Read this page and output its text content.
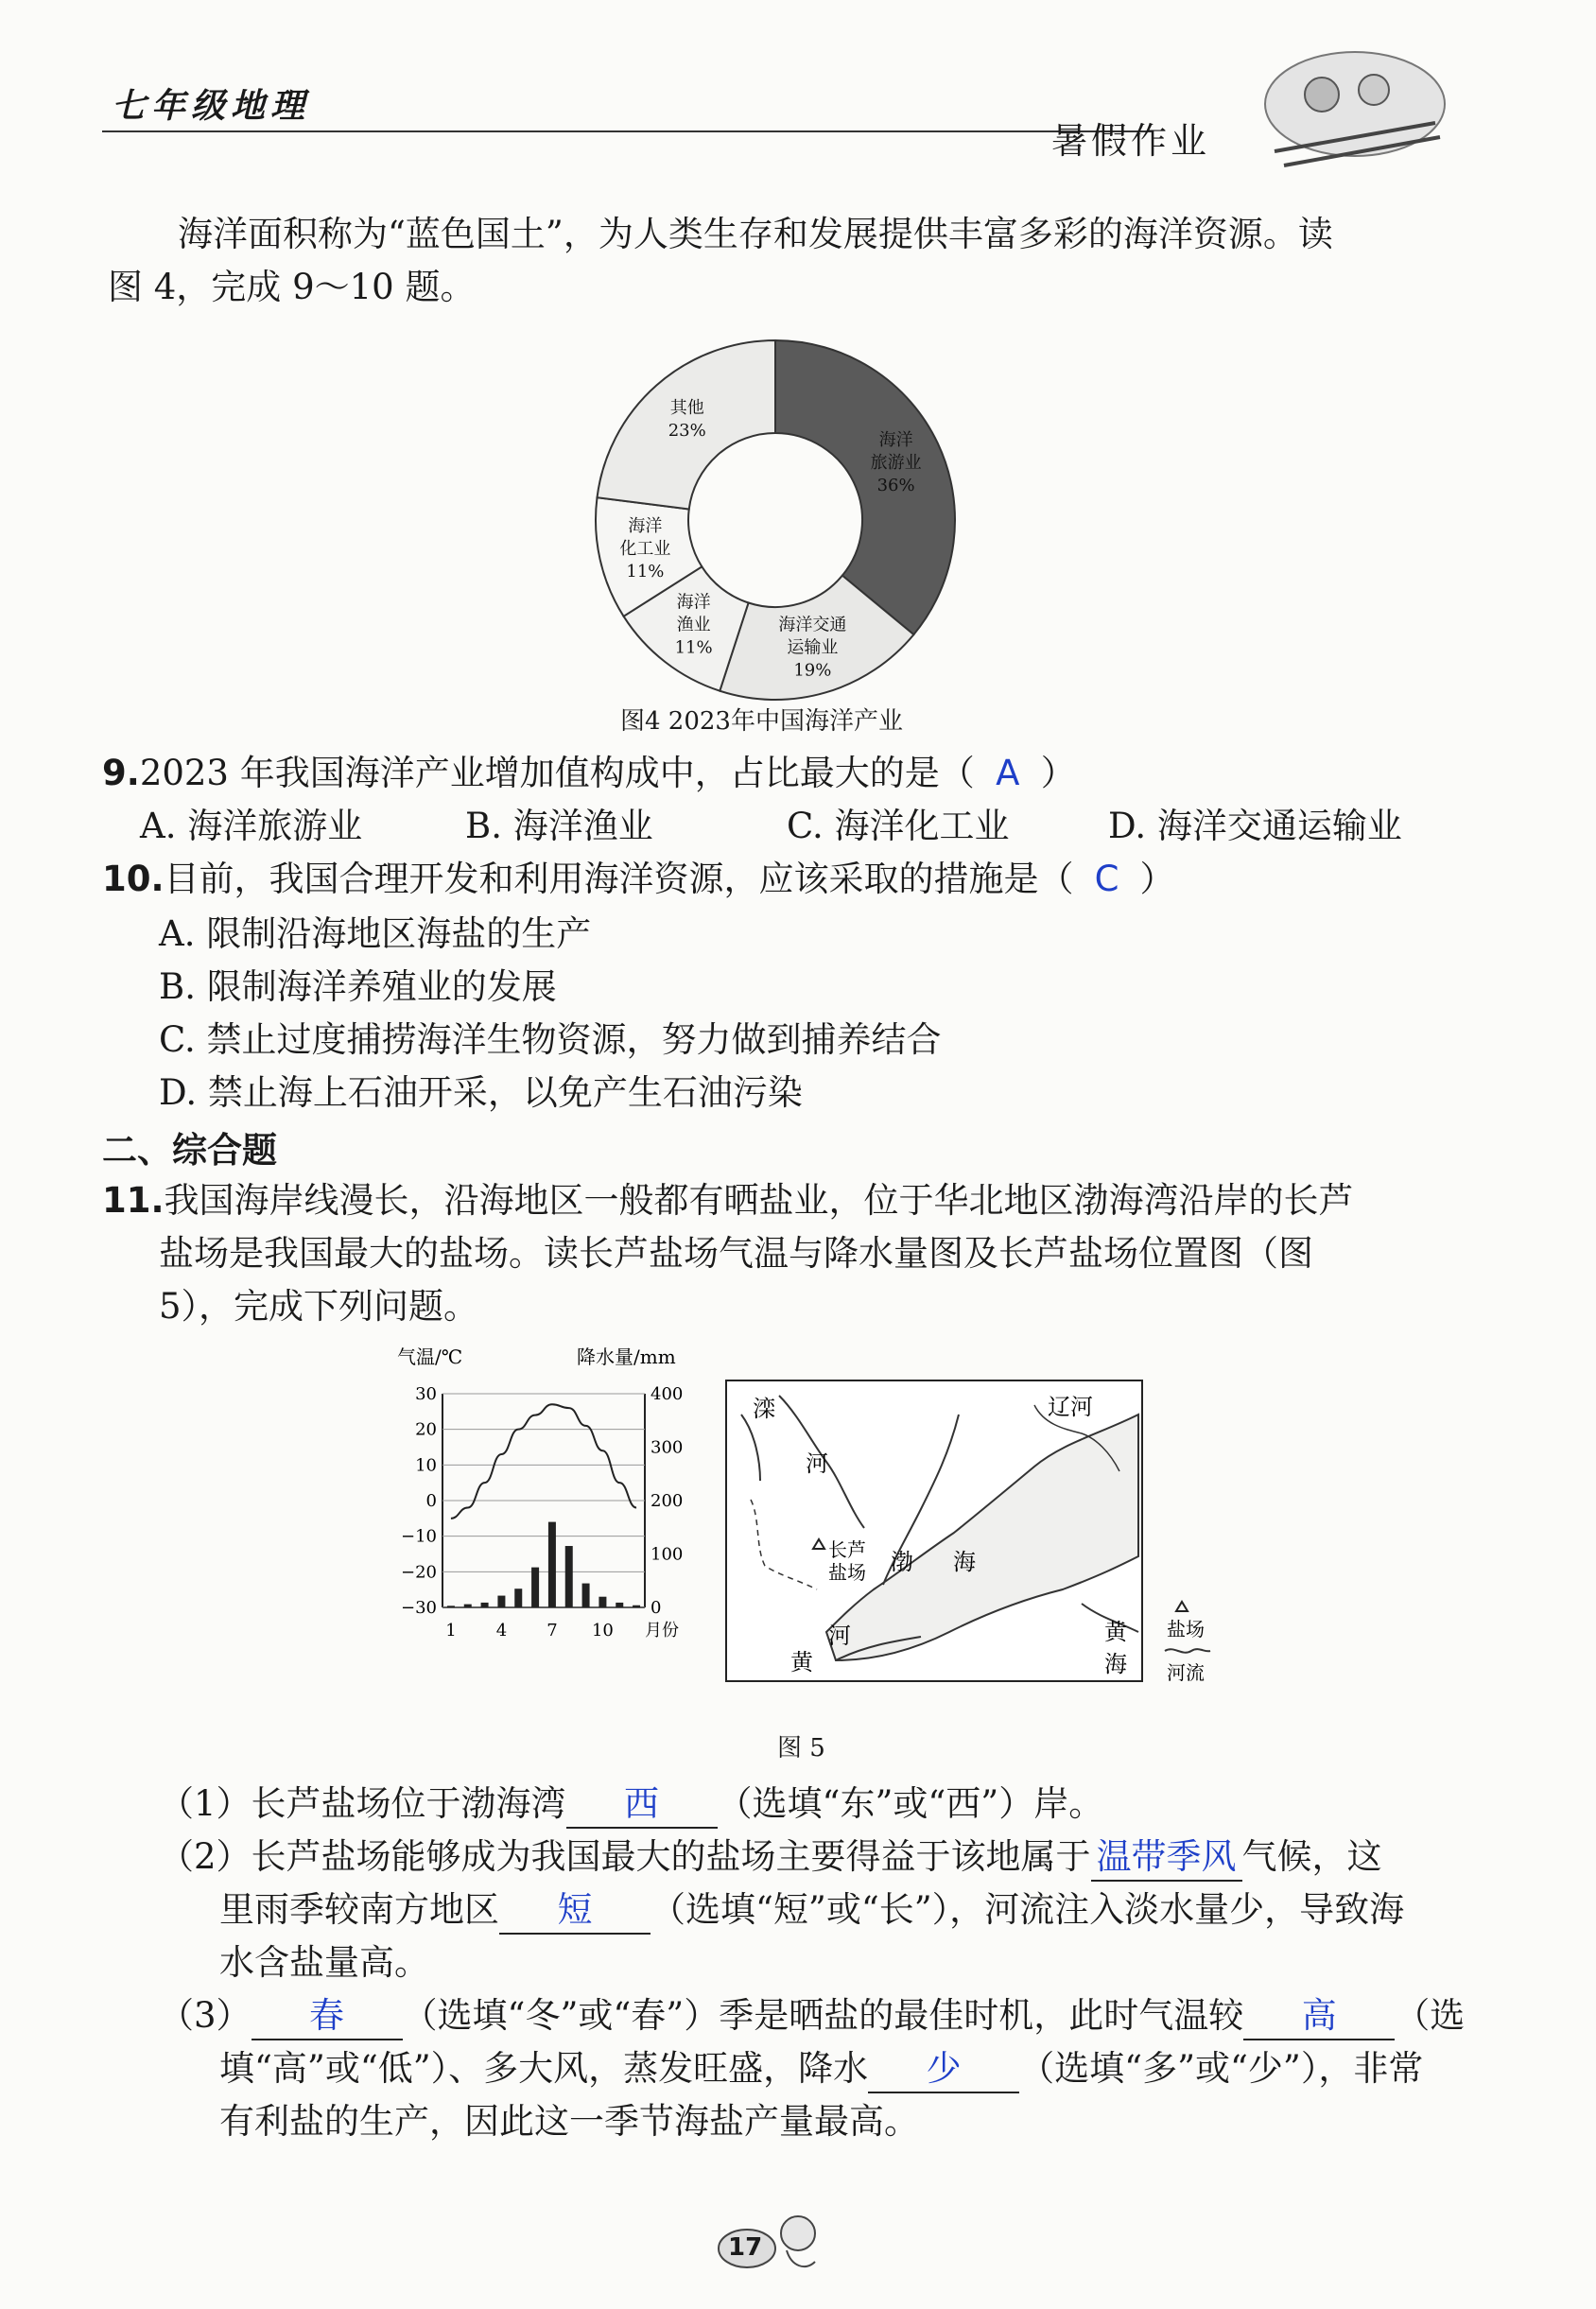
七年级地理
暑假作业
海洋面积称为“蓝色国土”，为人类生存和发展提供丰富多彩的海洋资源。读
图 4，完成 9～10 题。
海洋
旅游业
36%
海洋交通
运输业
19%
海洋
渔业
11%
海洋
化工业
11%
其他
23%
图4 2023年中国海洋产业
9.2023 年我国海洋产业增加值构成中，占比最大的是（ A ）
A. 海洋旅游业	B. 海洋渔业	C. 海洋化工业	D. 海洋交通运输业
10.目前，我国合理开发和利用海洋资源，应该采取的措施是（ C ）
A. 限制沿海地区海盐的生产
B. 限制海洋养殖业的发展
C. 禁止过度捕捞海洋生物资源，努力做到捕养结合
D. 禁止海上石油开采，以免产生石油污染
二、综合题
11.我国海岸线漫长，沿海地区一般都有晒盐业，位于华北地区渤海湾沿岸的长芦
盐场是我国最大的盐场。读长芦盐场气温与降水量图及长芦盐场位置图（图
5），完成下列问题。
气温/℃	降水量/mm
30
20
10
0
−10
−20
−30
400
300
200
100
0
1 4 7 10 月份
滦
河
辽河
长芦
盐场 渤 海
黄
河	黄
海
盐场
河流
图 5
（1）长芦盐场位于渤海湾 西 （选填“东”或“西”）岸。
（2）长芦盐场能够成为我国最大的盐场主要得益于该地属于 温带季风 气候，这
里雨季较南方地区 短 （选填“短”或“长”），河流注入淡水量少，导致海
水含盐量高。
（3） 春 （选填“冬”或“春”）季是晒盐的最佳时机，此时气温较 高 （选
填“高”或“低”）、多大风，蒸发旺盛，降水 少 （选填“多”或“少”），非常
有利盐的生产，因此这一季节海盐产量最高。
17
